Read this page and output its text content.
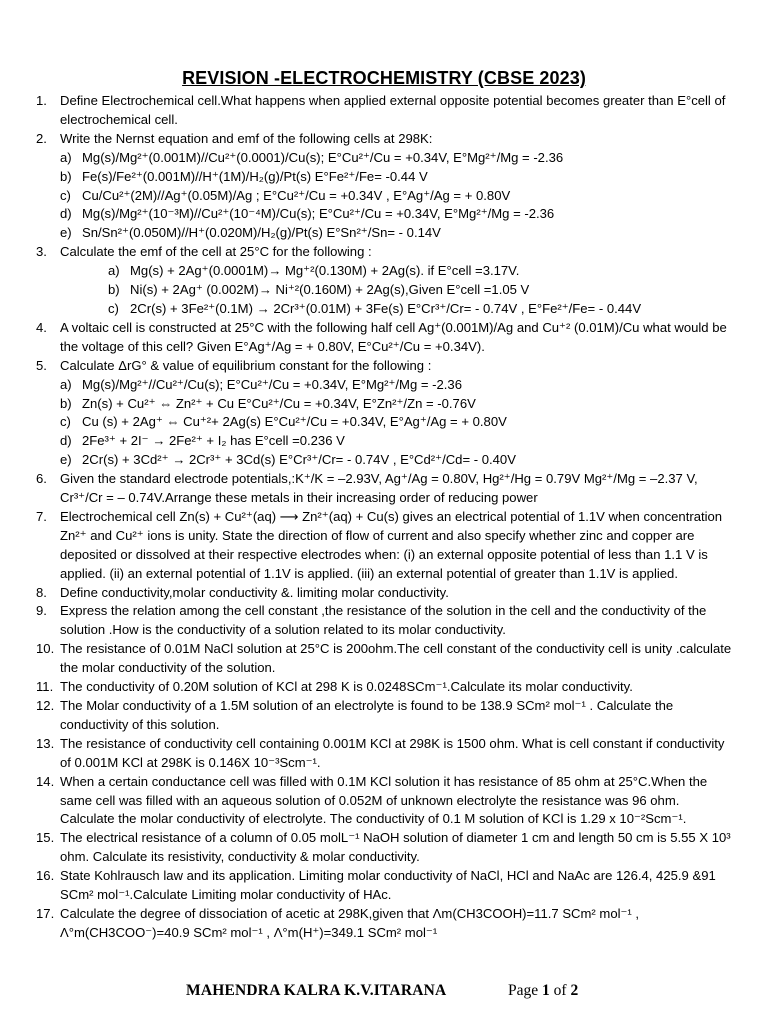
REVISION -ELECTROCHEMISTRY (CBSE 2023)
1. Define Electrochemical cell.What happens when applied external opposite potential becomes greater than E°cell of electrochemical cell.
2. Write the Nernst equation and emf of the following cells at 298K:
a) Mg(s)/Mg²⁺(0.001M)//Cu²⁺(0.0001)/Cu(s); E°Cu²⁺/Cu = +0.34V, E°Mg²⁺/Mg = -2.36
b) Fe(s)/Fe²⁺(0.001M)//H⁺(1M)/H₂(g)/Pt(s) E°Fe²⁺/Fe= -0.44 V
c) Cu/Cu²⁺(2M)//Ag⁺(0.05M)/Ag ; E°Cu²⁺/Cu = +0.34V , E°Ag⁺/Ag = + 0.80V
d) Mg(s)/Mg²⁺(10⁻³M)//Cu²⁺(10⁻⁴M)/Cu(s); E°Cu²⁺/Cu = +0.34V, E°Mg²⁺/Mg = -2.36
e) Sn/Sn²⁺(0.050M)//H⁺(0.020M)/H₂(g)/Pt(s) E°Sn²⁺/Sn= - 0.14V
3. Calculate the emf of the cell at 25°C for the following :
a) Mg(s) + 2Ag⁺(0.0001M)→ Mg⁺²(0.130M) + 2Ag(s). if E°cell =3.17V.
b) Ni(s) + 2Ag⁺ (0.002M)→ Ni⁺²(0.160M) + 2Ag(s),Given E°cell =1.05 V
c) 2Cr(s) + 3Fe²⁺(0.1M) → 2Cr³⁺(0.01M) + 3Fe(s) E°Cr³⁺/Cr= - 0.74V , E°Fe²⁺/Fe= - 0.44V
4. A voltaic cell is constructed at 25°C with the following half cell Ag⁺(0.001M)/Ag and Cu⁺² (0.01M)/Cu what would be the voltage of this cell? Given E°Ag⁺/Ag = + 0.80V, E°Cu²⁺/Cu = +0.34V).
5. Calculate ΔrG° & value of equilibrium constant for the following :
a) Mg(s)/Mg²⁺//Cu²⁺/Cu(s); E°Cu²⁺/Cu = +0.34V, E°Mg²⁺/Mg = -2.36
b) Zn(s) + Cu²⁺ ⇔ Zn²⁺ + Cu E°Cu²⁺/Cu = +0.34V, E°Zn²⁺/Zn = -0.76V
c) Cu (s) + 2Ag⁺ ⇔ Cu⁺²+ 2Ag(s) E°Cu²⁺/Cu = +0.34V, E°Ag⁺/Ag = + 0.80V
d) 2Fe³⁺ + 2I⁻ → 2Fe²⁺ + I₂ has E°cell =0.236 V
e) 2Cr(s) + 3Cd²⁺ → 2Cr³⁺ + 3Cd(s) E°Cr³⁺/Cr= - 0.74V , E°Cd²⁺/Cd= - 0.40V
6. Given the standard electrode potentials,:K⁺/K = –2.93V, Ag⁺/Ag = 0.80V, Hg²⁺/Hg = 0.79V Mg²⁺/Mg = –2.37 V, Cr³⁺/Cr = – 0.74V.Arrange these metals in their increasing order of reducing power
7. Electrochemical cell Zn(s) + Cu²⁺(aq) ⟶ Zn²⁺(aq) + Cu(s) gives an electrical potential of 1.1V when concentration Zn²⁺ and Cu²⁺ ions is unity. State the direction of flow of current and also specify whether zinc and copper are deposited or dissolved at their respective electrodes when: (i) an external opposite potential of less than 1.1 V is applied. (ii) an external potential of 1.1V is applied. (iii) an external potential of greater than 1.1V is applied.
8. Define conductivity,molar conductivity &. limiting molar conductivity.
9. Express the relation among the cell constant ,the resistance of the solution in the cell and the conductivity of the solution .How is the conductivity of a solution related to its molar conductivity.
10. The resistance of 0.01M NaCl solution at 25°C is 200ohm.The cell constant of the conductivity cell is unity .calculate the molar conductivity of the solution.
11. The conductivity of 0.20M solution of KCl at 298 K is 0.0248SCm⁻¹.Calculate its molar conductivity.
12. The Molar conductivity of a 1.5M solution of an electrolyte is found to be 138.9 SCm² mol⁻¹ . Calculate the conductivity of this solution.
13. The resistance of conductivity cell containing 0.001M KCl at 298K is 1500 ohm. What is cell constant if conductivity of 0.001M KCl at 298K is 0.146X 10⁻³Scm⁻¹.
14. When a certain conductance cell was filled with 0.1M KCl solution it has resistance of 85 ohm at 25°C.When the same cell was filled with an aqueous solution of 0.052M of unknown electrolyte the resistance was 96 ohm. Calculate the molar conductivity of electrolyte. The conductivity of 0.1 M solution of KCl is 1.29 x 10⁻²Scm⁻¹.
15. The electrical resistance of a column of 0.05 molL⁻¹ NaOH solution of diameter 1 cm and length 50 cm is 5.55 X 10³ ohm. Calculate its resistivity, conductivity & molar conductivity.
16. State Kohlrausch law and its application. Limiting molar conductivity of NaCl, HCl and NaAc are 126.4, 425.9 &91 SCm² mol⁻¹.Calculate Limiting molar conductivity of HAc.
17. Calculate the degree of dissociation of acetic at 298K,given that Λm(CH3COOH)=11.7 SCm² mol⁻¹ , Λ°m(CH3COO⁻)=40.9 SCm² mol⁻¹ , Λ°m(H⁺)=349.1 SCm² mol⁻¹
MAHENDRA KALRA K.V.ITARANA	Page 1 of 2
